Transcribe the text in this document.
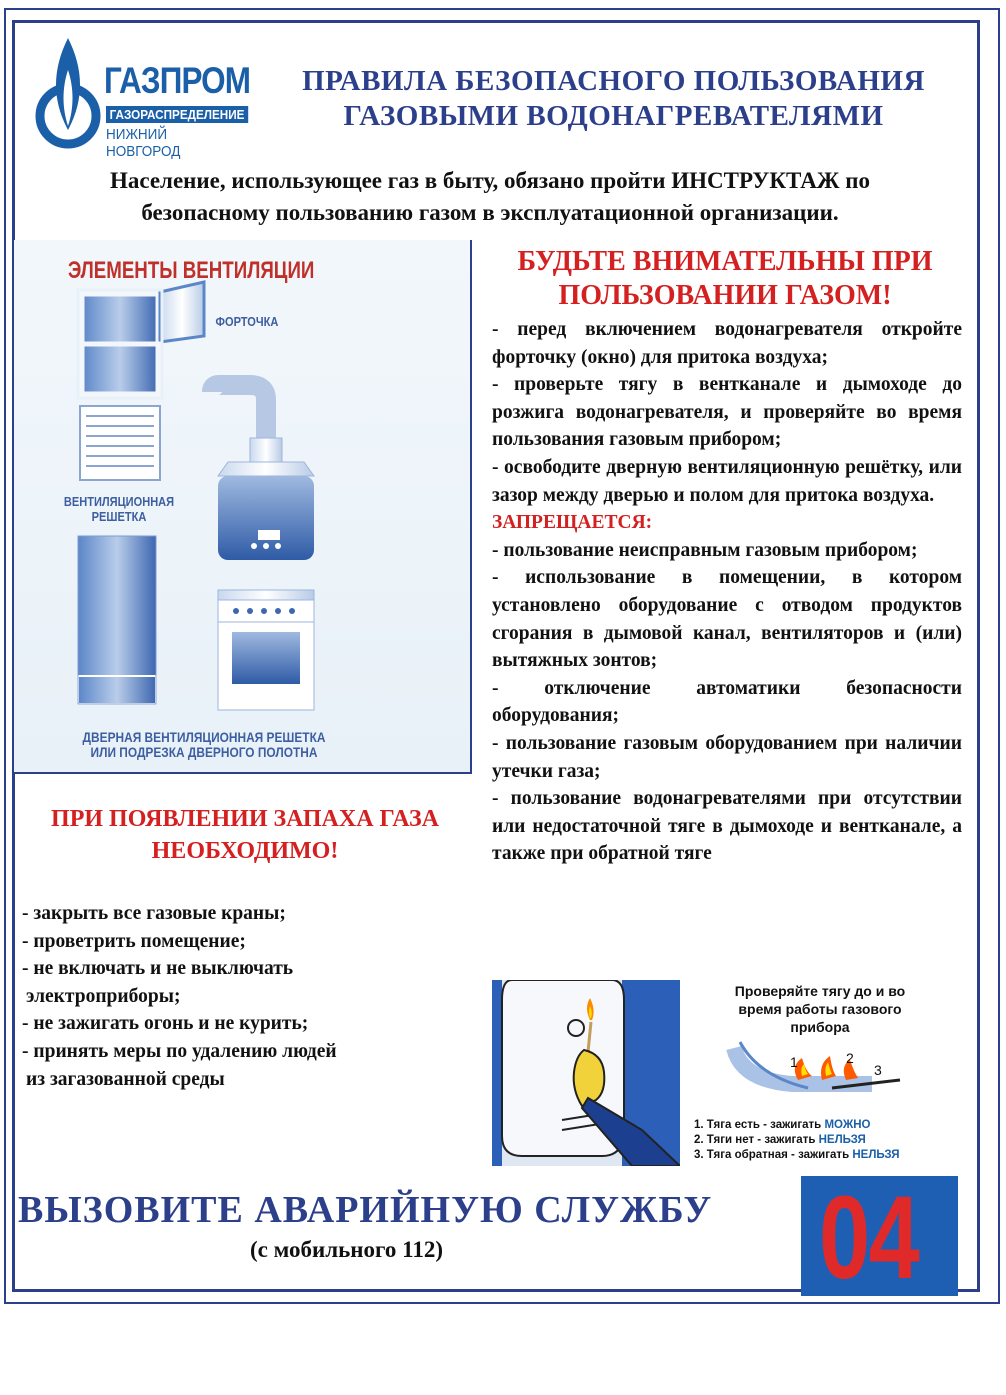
ГАЗПРОМ
ГАЗОРАСПРЕДЕЛЕНИЕ
НИЖНИЙ НОВГОРОД
ПРАВИЛА БЕЗОПАСНОГО ПОЛЬЗОВАНИЯ
ГАЗОВЫМИ ВОДОНАГРЕВАТЕЛЯМИ
Население, использующее газ в быту, обязано пройти ИНСТРУКТАЖ по
безопасному пользованию газом в эксплуатационной организации.
ЭЛЕМЕНТЫ ВЕНТИЛЯЦИИ
ФОРТОЧКА
ВЕНТИЛЯЦИОННАЯ
РЕШЕТКА
ДВЕРНАЯ ВЕНТИЛЯЦИОННАЯ РЕШЕТКА
ИЛИ ПОДРЕЗКА ДВЕРНОГО ПОЛОТНА
БУДЬТЕ ВНИМАТЕЛЬНЫ ПРИ
ПОЛЬЗОВАНИИ ГАЗОМ!

- перед включением водонагревателя откройте форточку (окно) для притока воздуха;

- проверьте тягу в вентканале и дымоходе до розжига водонагревателя, и проверяйте во время пользования газовым прибором;

- освободите дверную вентиляционную решётку, или зазор между дверью и полом для притока воздуха.

ЗАПРЕЩАЕТСЯ:

- пользование неисправным газовым прибором;

- использование в помещении, в котором установлено оборудование с отводом продуктов сгорания в дымовой канал, вентиляторов и (или) вытяжных зонтов;

- отключение автоматики безопасности оборудования;

- пользование газовым оборудованием при наличии утечки газа;

- пользование водонагревателями при отсутствии или недостаточной тяге в дымоходе и вентканале, а также при обратной тяге

ПРИ ПОЯВЛЕНИИ ЗАПАХА ГАЗА
НЕОБХОДИМО!

- закрыть все газовые краны;

- проветрить помещение;

- не включать и не выключать

электроприборы;

- не зажигать огонь и не курить;

- принять меры по удалению людей

из загазованной среды

Проверяйте тягу до и во
время работы газового
прибора
1	2
3
1. Тяга есть - зажигать МОЖНО
2. Тяги нет - зажигать НЕЛЬЗЯ
3. Тяга обратная - зажигать НЕЛЬЗЯ
ВЫЗОВИТЕ АВАРИЙНУЮ СЛУЖБУ
(с мобильного 112)	04
